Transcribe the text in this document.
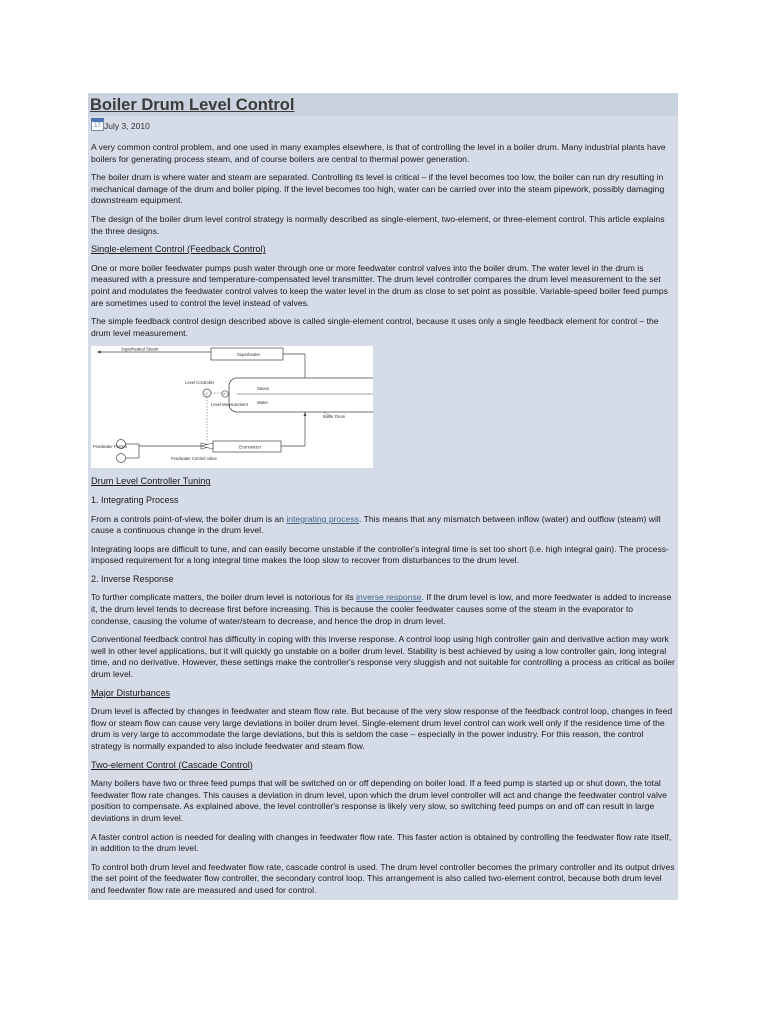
Boiler Drum Level Control
17 July 3, 2010

A very common control problem, and one used in many examples elsewhere, is that of controlling the level in a boiler drum. Many industrial plants have boilers for generating process steam, and of course boilers are central to thermal power generation.

The boiler drum is where water and steam are separated. Controlling its level is critical – if the level becomes too low, the boiler can run dry resulting in mechanical damage of the drum and boiler piping. If the level becomes too high, water can be carried over into the steam pipework, possibly damaging downstream equipment.

The design of the boiler drum level control strategy is normally described as single-element, two-element, or three-element control. This article explains the three designs.

Single-element Control (Feedback Control)

One or more boiler feedwater pumps push water through one or more feedwater control valves into the boiler drum. The water level in the drum is measured with a pressure and temperature-compensated level transmitter. The drum level controller compares the drum level measurement to the set point and modulates the feedwater control valves to keep the water level in the drum as close to set point as possible. Variable-speed boiler feed pumps are sometimes used to control the level instead of valves.

The simple feedback control design described above is called single-element control, because it uses only a single feedback element for control – the drum level measurement.

Superheated Steam
Superheater
Level Controller
LC
Steam
Water
LT
Level Measurement
Boiler Drum
Economizer
Feedwater Pumps
Feedwater Control Valve
Drum Level Controller Tuning
1. Integrating Process

From a controls point-of-view, the boiler drum is an integrating process. This means that any mismatch between inflow (water) and outflow (steam) will cause a continuous change in the drum level.

Integrating loops are difficult to tune, and can easily become unstable if the controller's integral time is set too short (i.e. high integral gain). The process-imposed requirement for a long integral time makes the loop slow to recover from disturbances to the drum level.

2. Inverse Response

To further complicate matters, the boiler drum level is notorious for its inverse response. If the drum level is low, and more feedwater is added to increase it, the drum level tends to decrease first before increasing. This is because the cooler feedwater causes some of the steam in the evaporator to condense, causing the volume of water/steam to decrease, and hence the drop in drum level.

Conventional feedback control has difficulty in coping with this inverse response. A control loop using high controller gain and derivative action may work well in other level applications, but it will quickly go unstable on a boiler drum level. Stability is best achieved by using a low controller gain, long integral time, and no derivative. However, these settings make the controller's response very sluggish and not suitable for controlling a process as critical as boiler drum level.

Major Disturbances

Drum level is affected by changes in feedwater and steam flow rate. But because of the very slow response of the feedback control loop, changes in feed flow or steam flow can cause very large deviations in boiler drum level. Single-element drum level control can work well only if the residence time of the drum is very large to accommodate the large deviations, but this is seldom the case – especially in the power industry. For this reason, the control strategy is normally expanded to also include feedwater and steam flow.

Two-element Control (Cascade Control)

Many boilers have two or three feed pumps that will be switched on or off depending on boiler load. If a feed pump is started up or shut down, the total feedwater flow rate changes. This causes a deviation in drum level, upon which the drum level controller will act and change the feedwater control valve position to compensate. As explained above, the level controller's response is likely very slow, so switching feed pumps on and off can result in large deviations in drum level.

A faster control action is needed for dealing with changes in feedwater flow rate. This faster action is obtained by controlling the feedwater flow rate itself, in addition to the drum level.

To control both drum level and feedwater flow rate, cascade control is used. The drum level controller becomes the primary controller and its output drives the set point of the feedwater flow controller, the secondary control loop. This arrangement is also called two-element control, because both drum level and feedwater flow rate are measured and used for control.
